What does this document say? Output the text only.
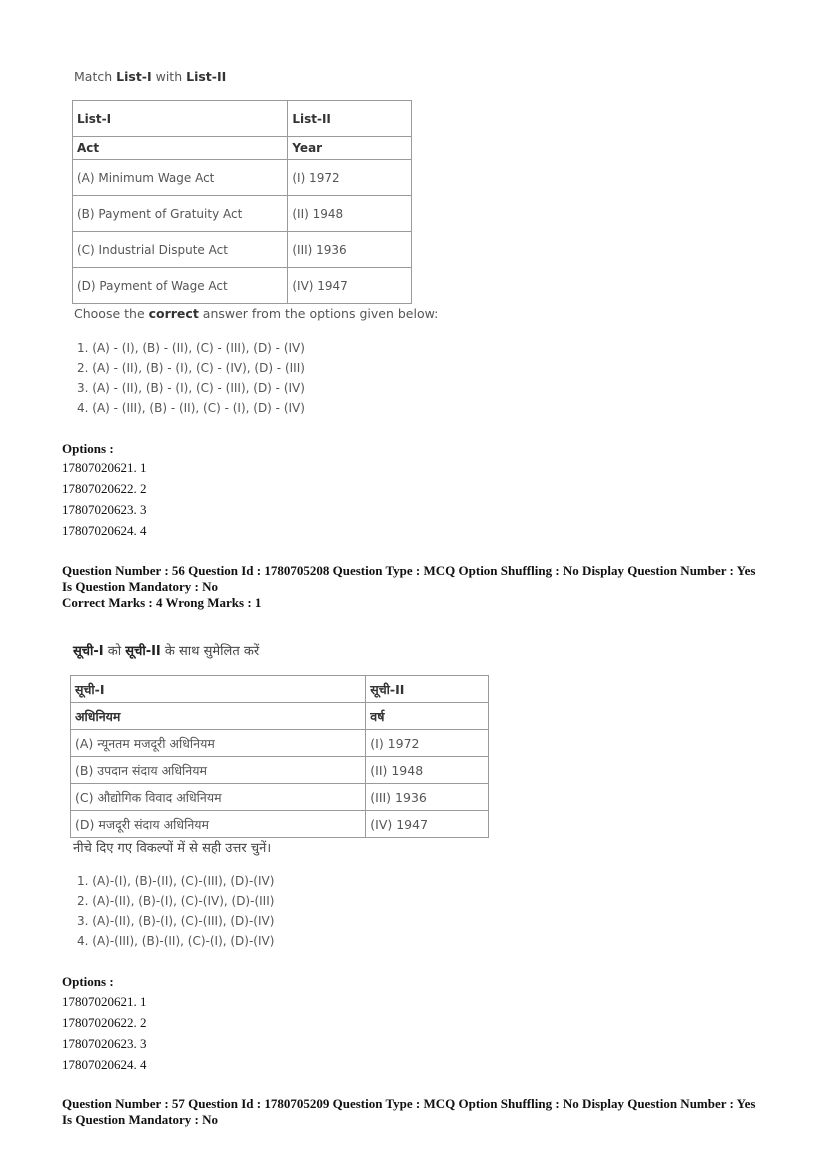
Match List-I with List-II
List-I	List-II
Act	Year
(A) Minimum Wage Act	(I) 1972
(B) Payment of Gratuity Act	(II) 1948
(C) Industrial Dispute Act	(III) 1936
(D) Payment of Wage Act	(IV) 1947
Choose the correct answer from the options given below:
1. (A) - (I), (B) - (II), (C) - (III), (D) - (IV)
2. (A) - (II), (B) - (I), (C) - (IV), (D) - (III)
3. (A) - (II), (B) - (I), (C) - (III), (D) - (IV)
4. (A) - (III), (B) - (II), (C) - (I), (D) - (IV)
Options :
17807020621. 1
17807020622. 2
17807020623. 3
17807020624. 4
Question Number : 56 Question Id : 1780705208 Question Type : MCQ Option Shuffling : No Display Question Number : Yes
Is Question Mandatory : No
Correct Marks : 4 Wrong Marks : 1
सूची-I को सूची-II के साथ सुमेलित करें
सूची-I	सूची-II
अधिनियम	वर्ष
(A) न्यूनतम मजदूरी अधिनियम	(I) 1972
(B) उपदान संदाय अधिनियम	(II) 1948
(C) औद्योगिक विवाद अधिनियम	(III) 1936
(D) मजदूरी संदाय अधिनियम	(IV) 1947
नीचे दिए गए विकल्पों में से सही उत्तर चुनें।
1. (A)-(I), (B)-(II), (C)-(III), (D)-(IV)
2. (A)-(II), (B)-(I), (C)-(IV), (D)-(III)
3. (A)-(II), (B)-(I), (C)-(III), (D)-(IV)
4. (A)-(III), (B)-(II), (C)-(I), (D)-(IV)
Options :
17807020621. 1
17807020622. 2
17807020623. 3
17807020624. 4
Question Number : 57 Question Id : 1780705209 Question Type : MCQ Option Shuffling : No Display Question Number : Yes
Is Question Mandatory : No
